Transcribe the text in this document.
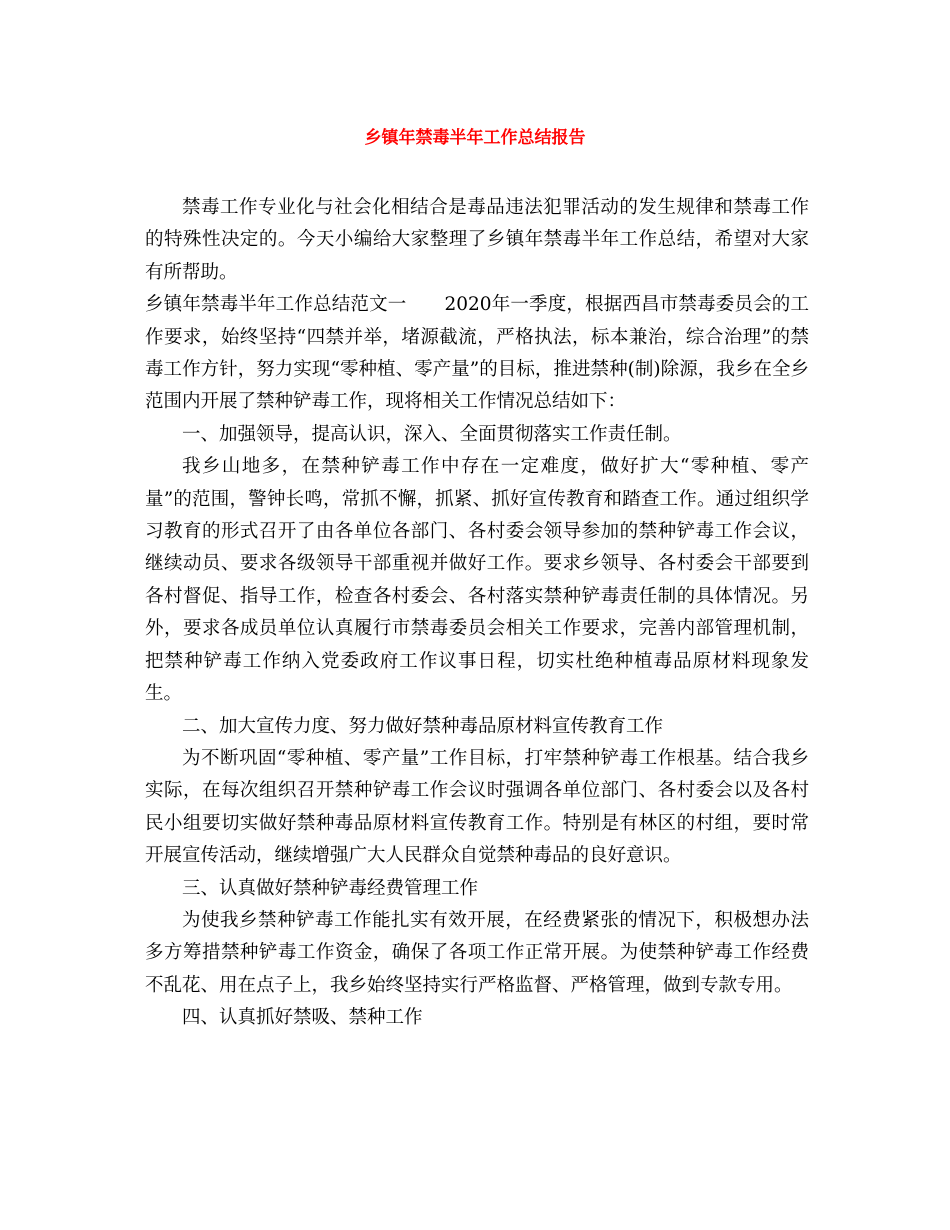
乡镇年禁毒半年工作总结报告

禁毒工作专业化与社会化相结合是毒品违法犯罪活动的发生规律和禁毒工作的特殊性决定的。今天小编给大家整理了乡镇年禁毒半年工作总结，希望对大家有所帮助。

乡镇年禁毒半年工作总结范文一 2020年一季度，根据西昌市禁毒委员会的工作要求，始终坚持“四禁并举，堵源截流，严格执法，标本兼治，综合治理”的禁毒工作方针，努力实现“零种植、零产量”的目标，推进禁种(制)除源，我乡在全乡范围内开展了禁种铲毒工作，现将相关工作情况总结如下：

一、加强领导，提高认识，深入、全面贯彻落实工作责任制。

我乡山地多，在禁种铲毒工作中存在一定难度，做好扩大“零种植、零产量”的范围，警钟长鸣，常抓不懈，抓紧、抓好宣传教育和踏查工作。通过组织学习教育的形式召开了由各单位各部门、各村委会领导参加的禁种铲毒工作会议，继续动员、要求各级领导干部重视并做好工作。要求乡领导、各村委会干部要到各村督促、指导工作，检查各村委会、各村落实禁种铲毒责任制的具体情况。另外，要求各成员单位认真履行市禁毒委员会相关工作要求，完善内部管理机制，把禁种铲毒工作纳入党委政府工作议事日程，切实杜绝种植毒品原材料现象发生。

二、加大宣传力度、努力做好禁种毒品原材料宣传教育工作

为不断巩固“零种植、零产量”工作目标，打牢禁种铲毒工作根基。结合我乡实际，在每次组织召开禁种铲毒工作会议时强调各单位部门、各村委会以及各村民小组要切实做好禁种毒品原材料宣传教育工作。特别是有林区的村组，要时常开展宣传活动，继续增强广大人民群众自觉禁种毒品的良好意识。

三、认真做好禁种铲毒经费管理工作

为使我乡禁种铲毒工作能扎实有效开展，在经费紧张的情况下，积极想办法多方筹措禁种铲毒工作资金，确保了各项工作正常开展。为使禁种铲毒工作经费不乱花、用在点子上，我乡始终坚持实行严格监督、严格管理，做到专款专用。

四、认真抓好禁吸、禁种工作
